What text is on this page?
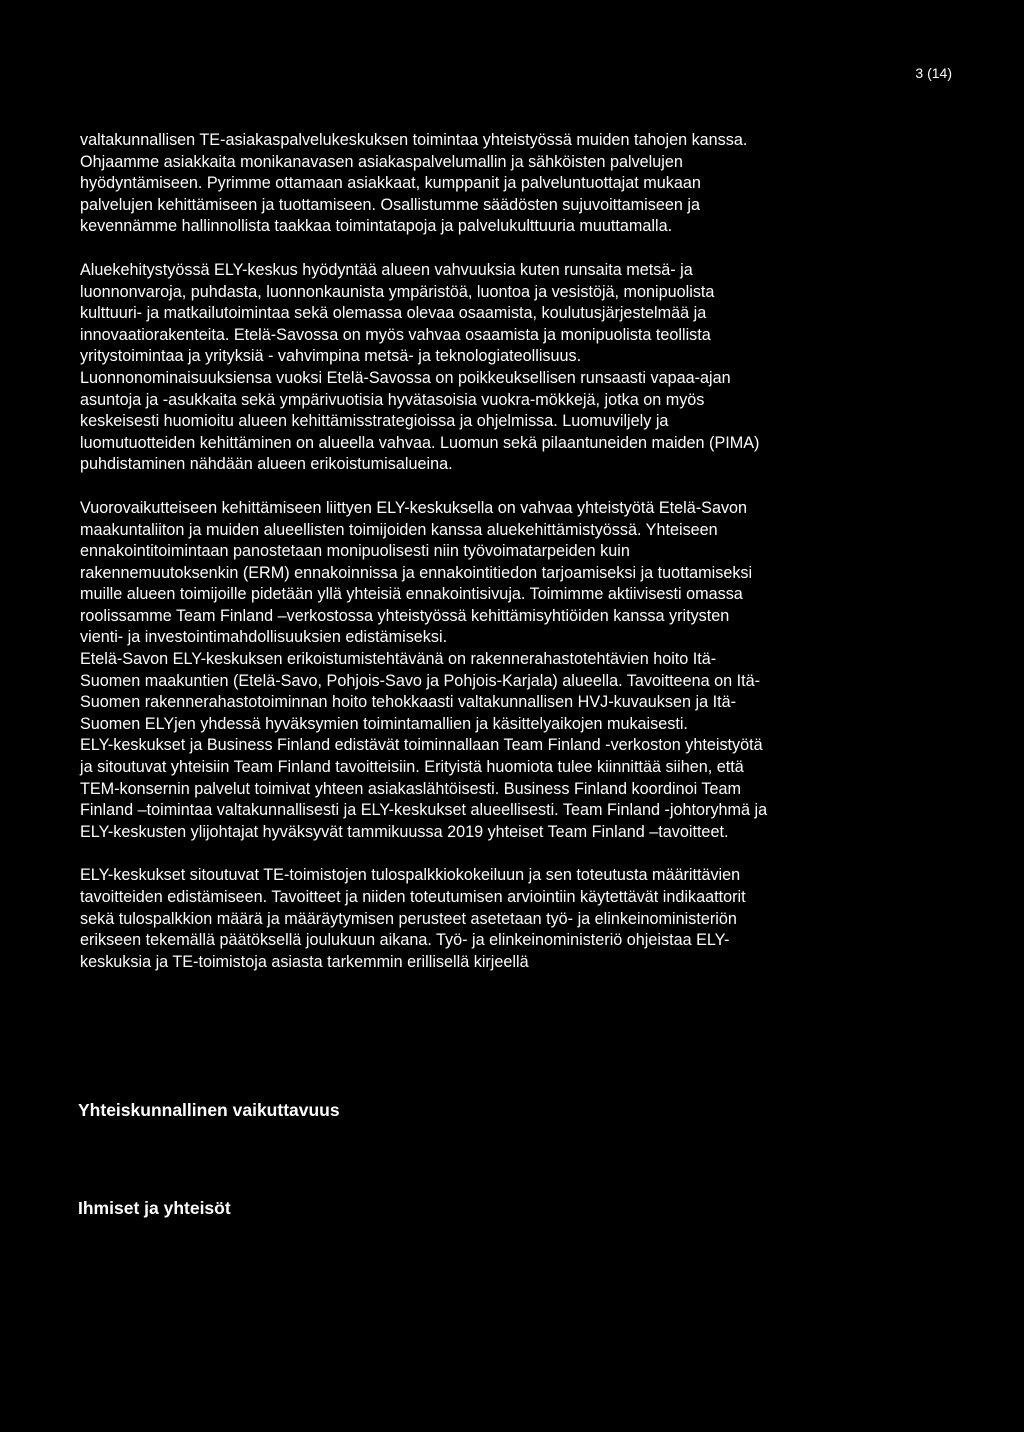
3 (14)

valtakunnallisen TE-asiakaspalvelukeskuksen toimintaa yhteistyössä muiden tahojen kanssa.
Ohjaamme asiakkaita monikanavasen asiakaspalvelumallin ja sähköisten palvelujen
hyödyntämiseen. Pyrimme ottamaan asiakkaat, kumppanit ja palveluntuottajat mukaan
palvelujen kehittämiseen ja tuottamiseen. Osallistumme säädösten sujuvoittamiseen ja
kevennämme hallinnollista taakkaa toimintatapoja ja palvelukulttuuria muuttamalla.

Aluekehitystyössä ELY-keskus hyödyntää alueen vahvuuksia kuten runsaita metsä- ja
luonnonvaroja, puhdasta, luonnonkaunista ympäristöä, luontoa ja vesistöjä, monipuolista
kulttuuri- ja matkailutoimintaa sekä olemassa olevaa osaamista, koulutusjärjestelmää ja
innovaatiorakenteita. Etelä-Savossa on myös vahvaa osaamista ja monipuolista teollista
yritystoimintaa ja yrityksiä - vahvimpina metsä- ja teknologiateollisuus.
Luonnonominaisuuksiensa vuoksi Etelä-Savossa on poikkeuksellisen runsaasti vapaa-ajan
asuntoja ja -asukkaita sekä ympärivuotisia hyvätasoisia vuokra-mökkejä, jotka on myös
keskeisesti huomioitu alueen kehittämisstrategioissa ja ohjelmissa. Luomuviljely ja
luomutuotteiden kehittäminen on alueella vahvaa. Luomun sekä pilaantuneiden maiden (PIMA)
puhdistaminen nähdään alueen erikoistumisalueina.

Vuorovaikutteiseen kehittämiseen liittyen ELY-keskuksella on vahvaa yhteistyötä Etelä-Savon
maakuntaliiton ja muiden alueellisten toimijoiden kanssa aluekehittämistyössä. Yhteiseen
ennakointitoimintaan panostetaan monipuolisesti niin työvoimatarpeiden kuin
rakennemuutoksenkin (ERM) ennakoinnissa ja ennakointitiedon tarjoamiseksi ja tuottamiseksi
muille alueen toimijoille pidetään yllä yhteisiä ennakointisivuja. Toimimme aktiivisesti omassa
roolissamme Team Finland –verkostossa yhteistyössä kehittämisyhtiöiden kanssa yritysten
vienti- ja investointimahdollisuuksien edistämiseksi.
Etelä-Savon ELY-keskuksen erikoistumistehtävänä on rakennerahastotehtävien hoito Itä-
Suomen maakuntien (Etelä-Savo, Pohjois-Savo ja Pohjois-Karjala) alueella. Tavoitteena on Itä-
Suomen rakennerahastotoiminnan hoito tehokkaasti valtakunnallisen HVJ-kuvauksen ja Itä-
Suomen ELYjen yhdessä hyväksymien toimintamallien ja käsittelyaikojen mukaisesti.
ELY-keskukset ja Business Finland edistävät toiminnallaan Team Finland -verkoston yhteistyötä
ja sitoutuvat yhteisiin Team Finland tavoitteisiin. Erityistä huomiota tulee kiinnittää siihen, että
TEM-konsernin palvelut toimivat yhteen asiakaslähtöisesti. Business Finland koordinoi Team
Finland –toimintaa valtakunnallisesti ja ELY-keskukset alueellisesti. Team Finland -johtoryhmä ja
ELY-keskusten ylijohtajat hyväksyvät tammikuussa 2019 yhteiset Team Finland –tavoitteet.

ELY-keskukset sitoutuvat TE-toimistojen tulospalkkiokokeiluun ja sen toteutusta määrittävien
tavoitteiden edistämiseen. Tavoitteet ja niiden toteutumisen arviointiin käytettävät indikaattorit
sekä tulospalkkion määrä ja määräytymisen perusteet asetetaan työ- ja elinkeinoministeriön
erikseen tekemällä päätöksellä joulukuun aikana. Työ- ja elinkeinoministeriö ohjeistaa ELY-
keskuksia ja TE-toimistoja asiasta tarkemmin erillisellä kirjeellä

Yhteiskunnallinen vaikuttavuus
Ihmiset ja yhteisöt
